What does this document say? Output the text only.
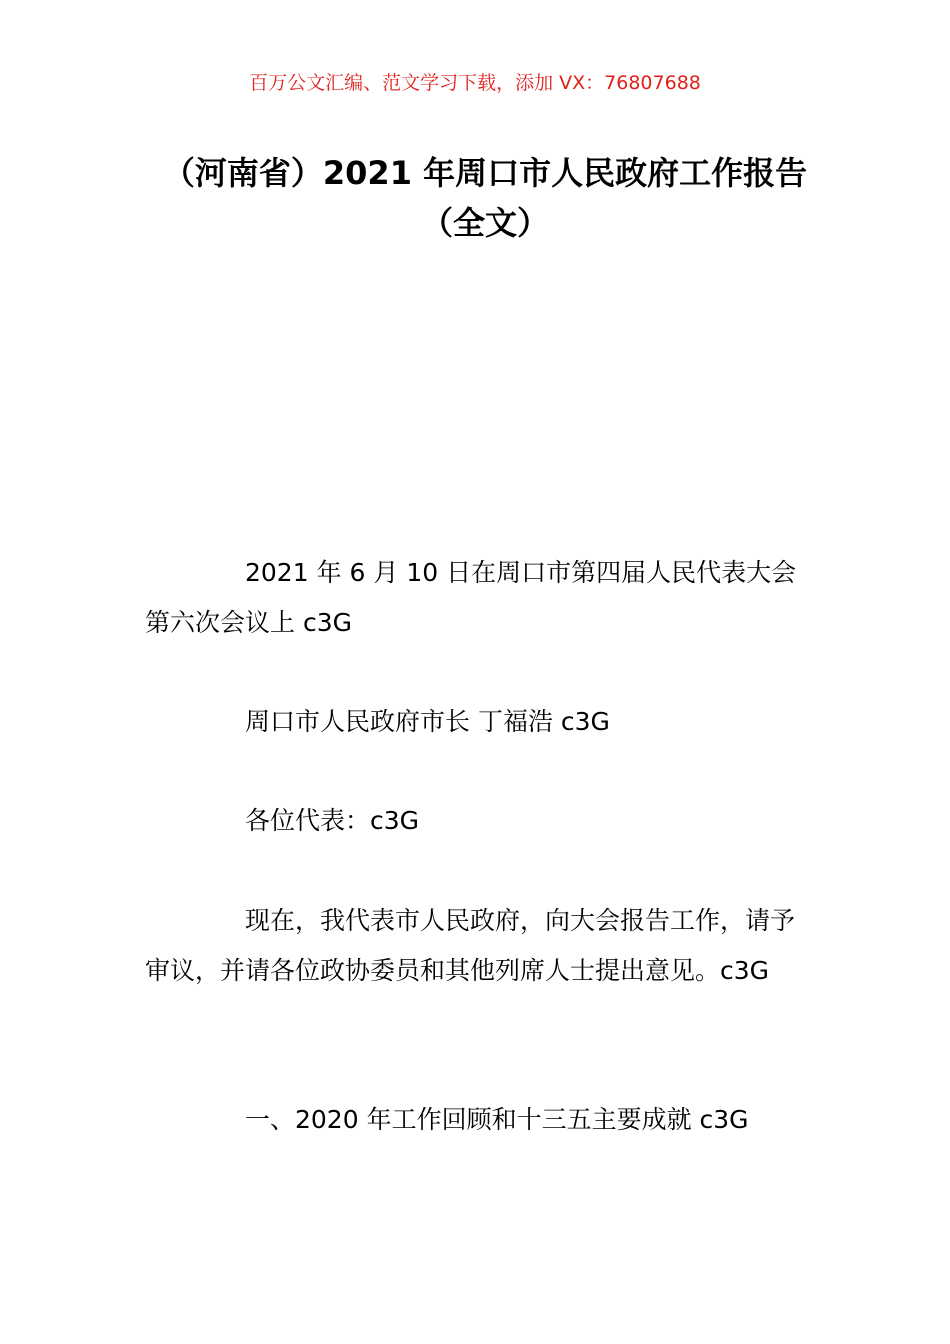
百万公文汇编、范文学习下载，添加 VX：76807688
（河南省）2021 年周口市人民政府工作报告（全文）

2021 年 6 月 10 日在周口市第四届人民代表大会第六次会议上 c3G

周口市人民政府市长 丁福浩 c3G

各位代表：c3G

现在，我代表市人民政府，向大会报告工作，请予审议，并请各位政协委员和其他列席人士提出意见。c3G

一、2020 年工作回顾和十三五主要成就 c3G
